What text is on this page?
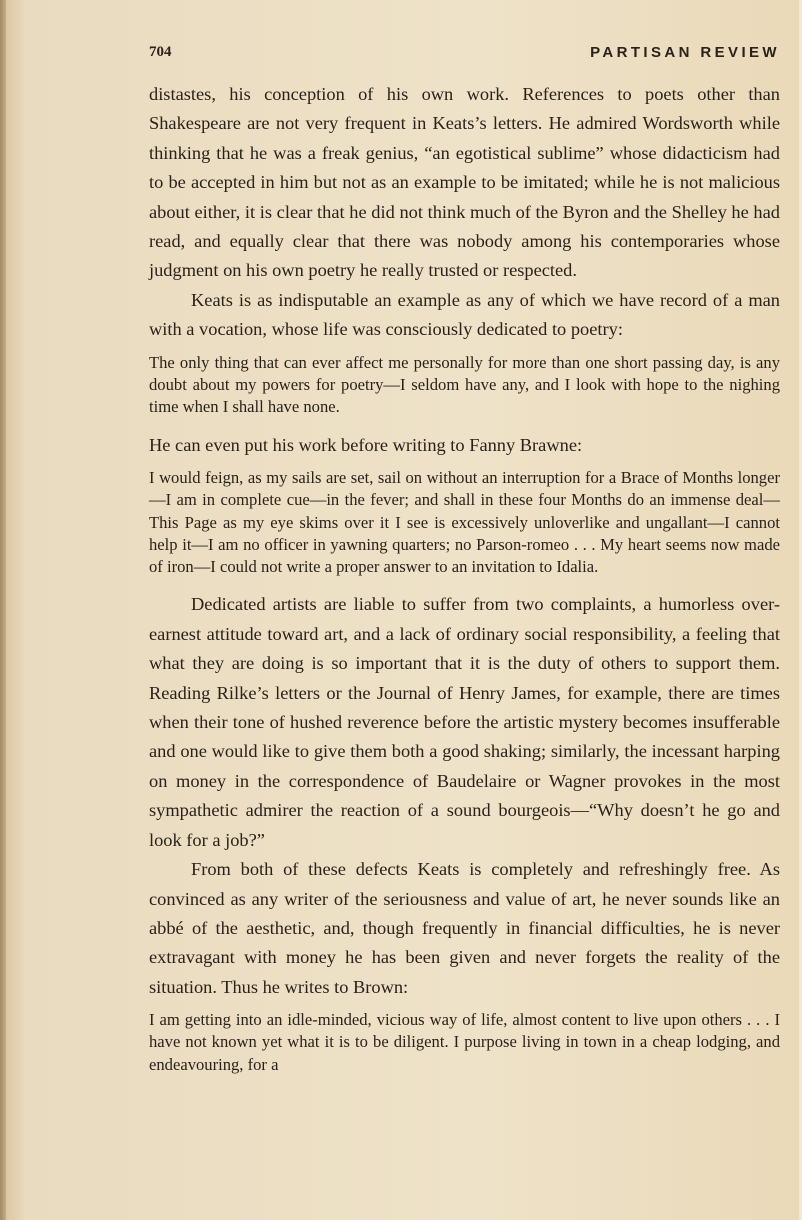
704	PARTISAN REVIEW

distastes, his conception of his own work. References to poets other than Shakespeare are not very frequent in Keats’s letters. He admired Wordsworth while thinking that he was a freak genius, “an egotistical sublime” whose didacticism had to be accepted in him but not as an example to be imitated; while he is not malicious about either, it is clear that he did not think much of the Byron and the Shelley he had read, and equally clear that there was nobody among his contemporaries whose judgment on his own poetry he really trusted or respected.

Keats is as indisputable an example as any of which we have record of a man with a vocation, whose life was consciously dedicated to poetry:

The only thing that can ever affect me personally for more than one short passing day, is any doubt about my powers for poetry—I seldom have any, and I look with hope to the nighing time when I shall have none.

He can even put his work before writing to Fanny Brawne:

I would feign, as my sails are set, sail on without an interruption for a Brace of Months longer—I am in complete cue—in the fever; and shall in these four Months do an immense deal—This Page as my eye skims over it I see is excessively unloverlike and ungallant—I cannot help it—I am no officer in yawning quarters; no Parson-romeo . . . My heart seems now made of iron—I could not write a proper answer to an invitation to Idalia.

Dedicated artists are liable to suffer from two complaints, a humorless over-earnest attitude toward art, and a lack of ordinary social responsibility, a feeling that what they are doing is so important that it is the duty of others to support them. Reading Rilke’s letters or the Journal of Henry James, for example, there are times when their tone of hushed reverence before the artistic mystery becomes insufferable and one would like to give them both a good shaking; similarly, the incessant harping on money in the correspondence of Baudelaire or Wagner provokes in the most sympathetic admirer the reaction of a sound bourgeois—“Why doesn’t he go and look for a job?”

From both of these defects Keats is completely and refreshingly free. As convinced as any writer of the seriousness and value of art, he never sounds like an abbé of the aesthetic, and, though frequently in financial difficulties, he is never extravagant with money he has been given and never forgets the reality of the situation. Thus he writes to Brown:

I am getting into an idle-minded, vicious way of life, almost content to live upon others . . . I have not known yet what it is to be diligent. I purpose living in town in a cheap lodging, and endeavouring, for a
